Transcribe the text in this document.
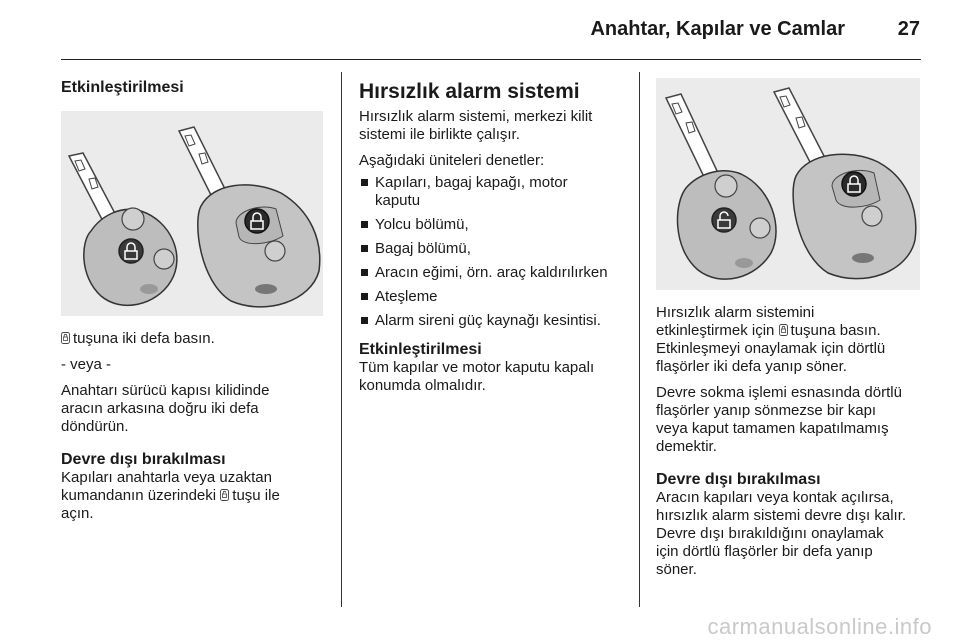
Anahtar, Kapılar ve Camlar	27
Etkinleştirilmesi

tuşuna iki defa basın.

- veya -

Anahtarı sürücü kapısı kilidinde
aracın arkasına doğru iki defa
döndürün.

Devre dışı bırakılması

Kapıları anahtarla veya uzaktan
kumandanın üzerindeki tuşu ile
açın.

Hırsızlık alarm sistemi

Hırsızlık alarm sistemi, merkezi kilit
sistemi ile birlikte çalışır.

Aşağıdaki üniteleri denetler:

Kapıları, bagaj kapağı, motor
kaputu
Yolcu bölümü,
Bagaj bölümü,
Aracın eğimi, örn. araç kaldırılırken
Ateşleme
Alarm sireni güç kaynağı kesintisi.
Etkinleştirilmesi

Tüm kapılar ve motor kaputu kapalı
konumda olmalıdır.

Hırsızlık alarm sistemini
etkinleştirmek için tuşuna basın.
Etkinleşmeyi onaylamak için dörtlü
flaşörler iki defa yanıp söner.

Devre sokma işlemi esnasında dörtlü
flaşörler yanıp sönmezse bir kapı
veya kaput tamamen kapatılmamış
demektir.

Devre dışı bırakılması

Aracın kapıları veya kontak açılırsa,
hırsızlık alarm sistemi devre dışı kalır.
Devre dışı bırakıldığını onaylamak
için dörtlü flaşörler bir defa yanıp
söner.

carmanualsonline.info
